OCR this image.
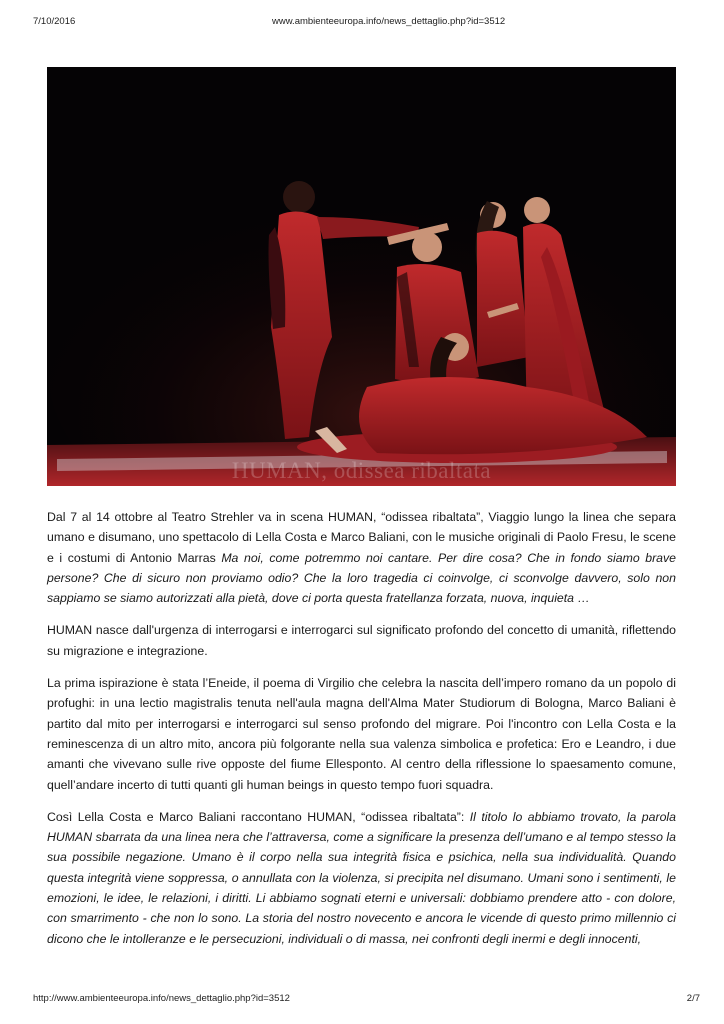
7/10/2016	www.ambienteeuropa.info/news_dettaglio.php?id=3512
HUMAN, odissea ribaltata

Dal 7 al 14 ottobre al Teatro Strehler va in scena HUMAN, “odissea ribaltata”, Viaggio lungo la linea che separa umano e disumano, uno spettacolo di Lella Costa e Marco Baliani, con le musiche originali di Paolo Fresu, le scene e i costumi di Antonio Marras Ma noi, come potremmo noi cantare. Per dire cosa? Che in fondo siamo brave persone? Che di sicuro non proviamo odio? Che la loro tragedia ci coinvolge, ci sconvolge davvero, solo non sappiamo se siamo autorizzati alla pietà, dove ci porta questa fratellanza forzata, nuova, inquieta …

HUMAN nasce dall'urgenza di interrogarsi e interrogarci sul significato profondo del concetto di umanità, riflettendo su migrazione e integrazione.

La prima ispirazione è stata l’Eneide, il poema di Virgilio che celebra la nascita dell’impero romano da un popolo di profughi: in una lectio magistralis tenuta nell'aula magna dell'Alma Mater Studiorum di Bologna, Marco Baliani è partito dal mito per interrogarsi e interrogarci sul senso profondo del migrare. Poi l'incontro con Lella Costa e la reminescenza di un altro mito, ancora più folgorante nella sua valenza simbolica e profetica: Ero e Leandro, i due amanti che vivevano sulle rive opposte del fiume Ellesponto. Al centro della riflessione lo spaesamento comune, quell’andare incerto di tutti quanti gli human beings in questo tempo fuori squadra.

Così Lella Costa e Marco Baliani raccontano HUMAN, “odissea ribaltata”: Il titolo lo abbiamo trovato, la parola HUMAN sbarrata da una linea nera che l’attraversa, come a significare la presenza dell’umano e al tempo stesso la sua possibile negazione. Umano è il corpo nella sua integrità fisica e psichica, nella sua individualità. Quando questa integrità viene soppressa, o annullata con la violenza, si precipita nel disumano. Umani sono i sentimenti, le emozioni, le idee, le relazioni, i diritti. Li abbiamo sognati eterni e universali: dobbiamo prendere atto - con dolore, con smarrimento - che non lo sono. La storia del nostro novecento e ancora le vicende di questo primo millennio ci dicono che le intolleranze e le persecuzioni, individuali o di massa, nei confronti degli inermi e degli innocenti,

http://www.ambienteeuropa.info/news_dettaglio.php?id=3512	2/7
